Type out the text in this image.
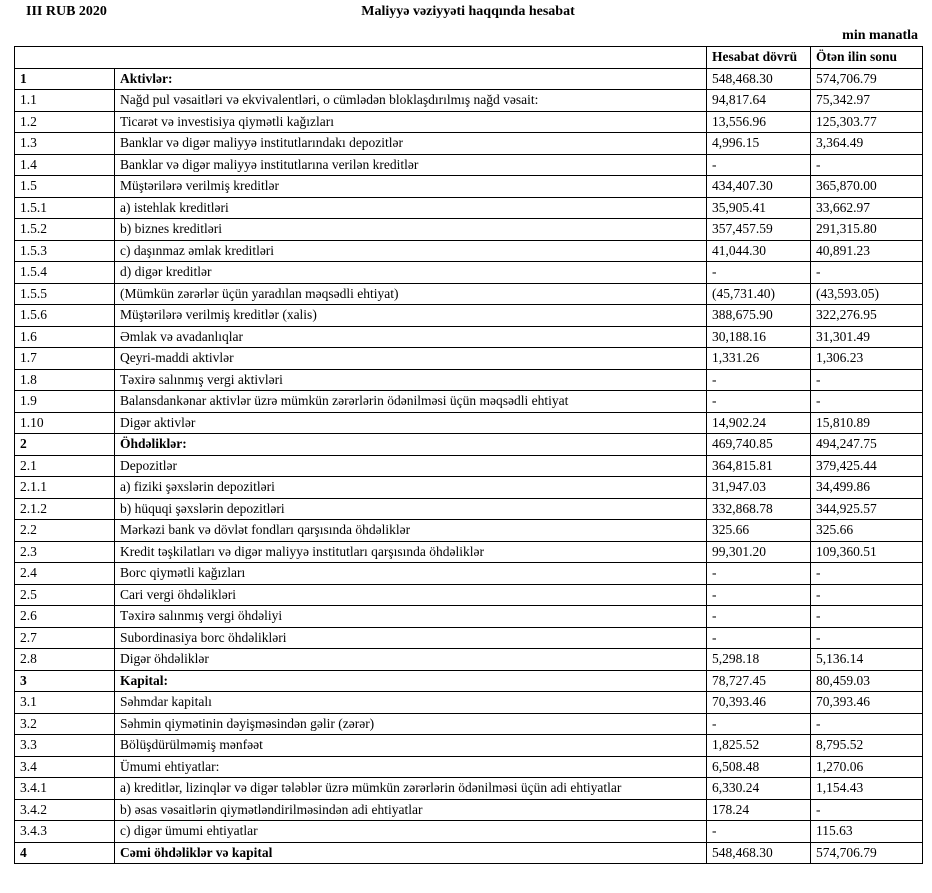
III RUB 2020	Maliyyə vəziyyəti haqqında hesabat
min manatla
		Hesabat dövrü	Ötən ilin sonu
1	Aktivlər:	548,468.30	574,706.79
1.1	Nağd pul vəsaitləri və ekvivalentləri, o cümlədən bloklaşdırılmış nağd vəsait:	94,817.64	75,342.97
1.2	Ticarət və investisiya qiymətli kağızları	13,556.96	125,303.77
1.3	Banklar və digər maliyyə institutlarındakı depozitlər	4,996.15	3,364.49
1.4	Banklar və digər maliyyə institutlarına verilən kreditlər	-	-
1.5	Müştərilərə verilmiş kreditlər	434,407.30	365,870.00
1.5.1	a) istehlak kreditləri	35,905.41	33,662.97
1.5.2	b) biznes kreditləri	357,457.59	291,315.80
1.5.3	c) daşınmaz əmlak kreditləri	41,044.30	40,891.23
1.5.4	d) digər kreditlər	-	-
1.5.5	(Mümkün zərərlər üçün yaradılan məqsədli ehtiyat)	(45,731.40)	(43,593.05)
1.5.6	Müştərilərə verilmiş kreditlər (xalis)	388,675.90	322,276.95
1.6	Əmlak və avadanlıqlar	30,188.16	31,301.49
1.7	Qeyri-maddi aktivlər	1,331.26	1,306.23
1.8	Təxirə salınmış vergi aktivləri	-	-
1.9	Balansdankənar aktivlər üzrə mümkün zərərlərin ödənilməsi üçün məqsədli ehtiyat	-	-
1.10	Digər aktivlər	14,902.24	15,810.89
2	Öhdəliklər:	469,740.85	494,247.75
2.1	Depozitlər	364,815.81	379,425.44
2.1.1	a) fiziki şəxslərin depozitləri	31,947.03	34,499.86
2.1.2	b) hüquqi şəxslərin depozitləri	332,868.78	344,925.57
2.2	Mərkəzi bank və dövlət fondları qarşısında öhdəliklər	325.66	325.66
2.3	Kredit təşkilatları və digər maliyyə institutları qarşısında öhdəliklər	99,301.20	109,360.51
2.4	Borc qiymətli kağızları	-	-
2.5	Cari vergi öhdəlikləri	-	-
2.6	Təxirə salınmış vergi öhdəliyi	-	-
2.7	Subordinasiya borc öhdəlikləri	-	-
2.8	Digər öhdəliklər	5,298.18	5,136.14
3	Kapital:	78,727.45	80,459.03
3.1	Səhmdar kapitalı	70,393.46	70,393.46
3.2	Səhmin qiymətinin dəyişməsindən gəlir (zərər)	-	-
3.3	Bölüşdürülməmiş mənfəət	1,825.52	8,795.52
3.4	Ümumi ehtiyatlar:	6,508.48	1,270.06
3.4.1	a) kreditlər, lizinqlər və digər tələblər üzrə mümkün zərərlərin ödənilməsi üçün adi ehtiyatlar	6,330.24	1,154.43
3.4.2	b) əsas vəsaitlərin qiymətləndirilməsindən adi ehtiyatlar	178.24	-
3.4.3	c) digər ümumi ehtiyatlar	-	115.63
4	Cəmi öhdəliklər və kapital	548,468.30	574,706.79
